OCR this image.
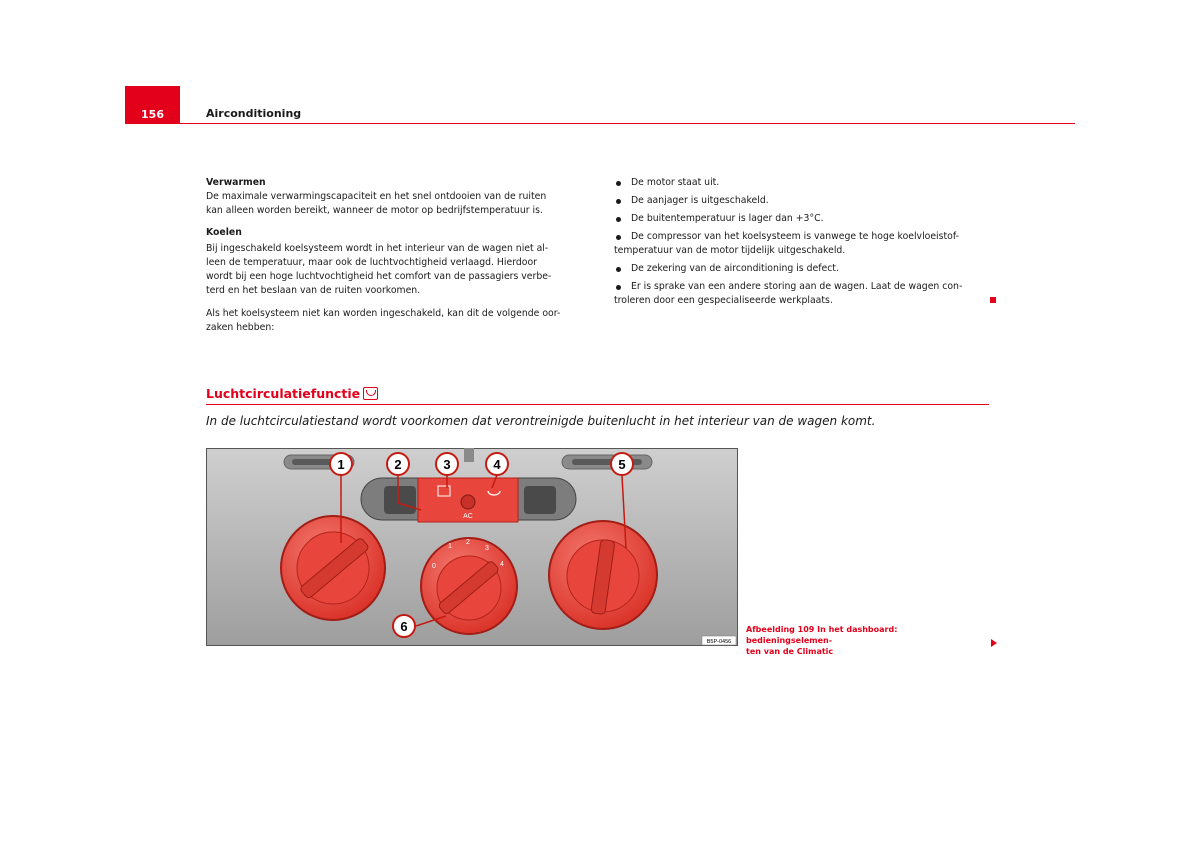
156	Airconditioning

Verwarmen

De maximale verwarmingscapaciteit en het snel ontdooien van de ruiten

kan alleen worden bereikt, wanneer de motor op bedrijfstemperatuur is.

Koelen

Bij ingeschakeld koelsysteem wordt in het interieur van de wagen niet al-

leen de temperatuur, maar ook de luchtvochtigheid verlaagd. Hierdoor

wordt bij een hoge luchtvochtigheid het comfort van de passagiers verbe-

terd en het beslaan van de ruiten voorkomen.

Als het koelsysteem niet kan worden ingeschakeld, kan dit de volgende oor-

zaken hebben:

De motor staat uit.

De aanjager is uitgeschakeld.

De buitentemperatuur is lager dan +3°C.

De compressor van het koelsysteem is vanwege te hoge koelvloeistof-
temperatuur van de motor tijdelijk uitgeschakeld.

De zekering van de airconditioning is defect.

Er is sprake van een andere storing aan de wagen. Laat de wagen con-
troleren door een gespecialiseerde werkplaats.

Luchtcirculatiefunctie
In de luchtcirculatiestand wordt voorkomen dat verontreinigde buitenlucht in het interieur van de wagen komt.
AC
0
1
2
3
4
1	2	3	4	5
6
B5P-0456
Afbeelding 109 In het dashboard: bedieningselemen-
ten van de Climatic
